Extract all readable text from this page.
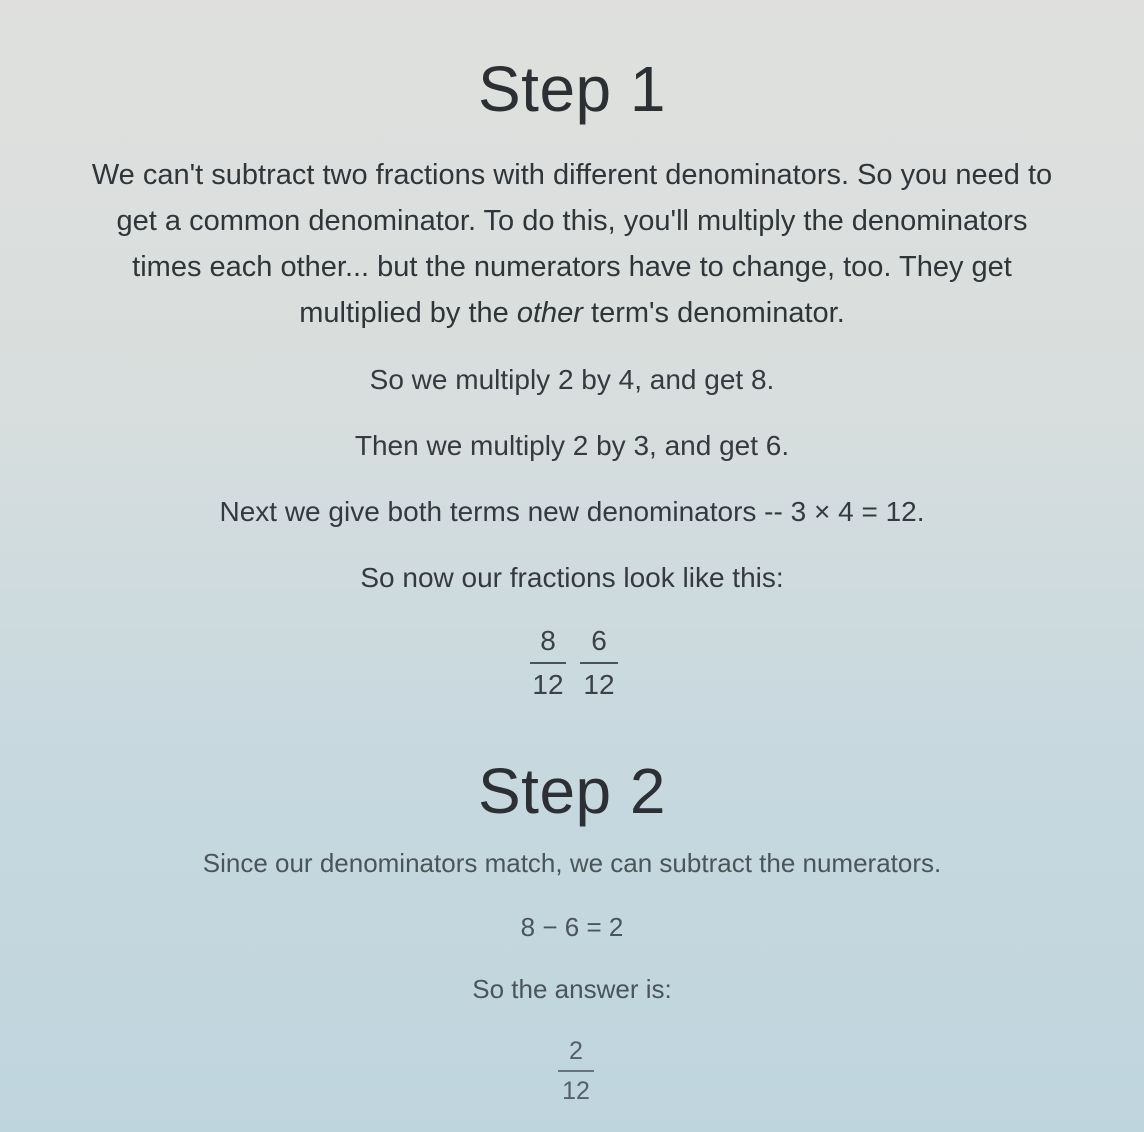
Step 1
We can't subtract two fractions with different denominators. So you need to get a common denominator. To do this, you'll multiply the denominators times each other... but the numerators have to change, too. They get multiplied by the other term's denominator.
So we multiply 2 by 4, and get 8.
Then we multiply 2 by 3, and get 6.
Next we give both terms new denominators -- 3 × 4 = 12.
So now our fractions look like this:
8
12
6
12
Step 2
Since our denominators match, we can subtract the numerators.
8 − 6 = 2
So the answer is:
2
12
